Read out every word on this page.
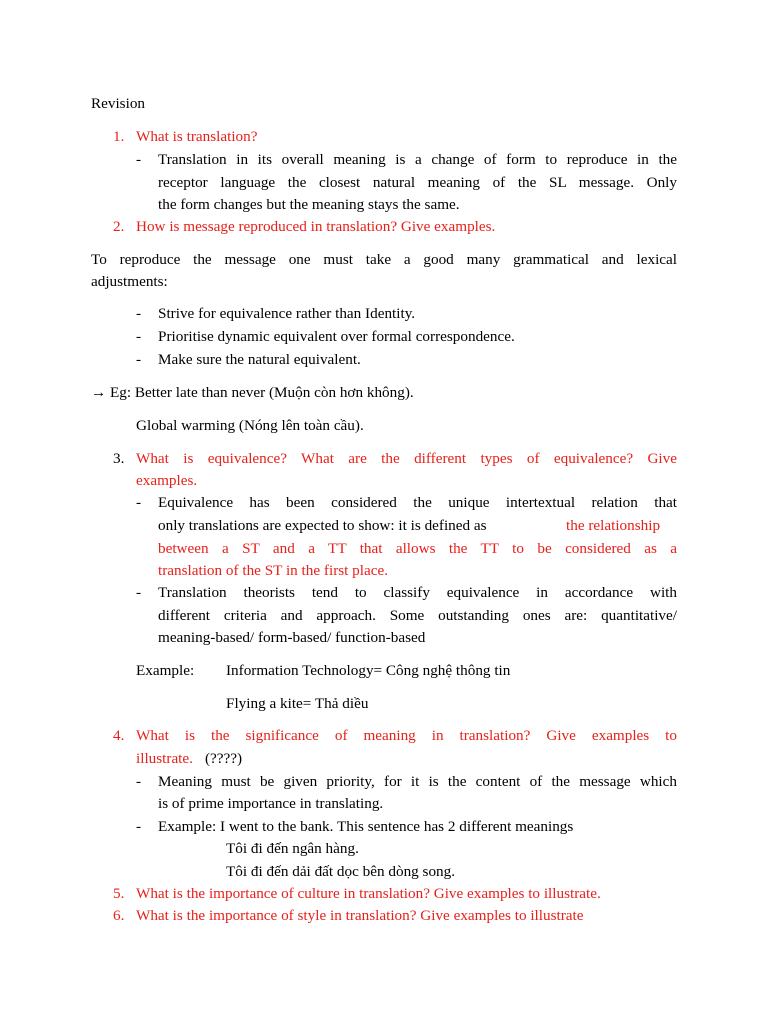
Revision
1. What is translation?
- Translation in its overall meaning is a change of form to reproduce in the
receptor language the closest natural meaning of the SL message. Only
the form changes but the meaning stays the same.
2. How is message reproduced in translation? Give examples.
To reproduce the message one must take a good many grammatical and lexical
adjustments:
- Strive for equivalence rather than Identity.
- Prioritise dynamic equivalent over formal correspondence.
- Make sure the natural equivalent.
→ Eg: Better late than never (Muộn còn hơn không).
Global warming (Nóng lên toàn cầu).
3. What is equivalence? What are the different types of equivalence? Give
examples.
- Equivalence has been considered the unique intertextual relation that
only translations are expected to show: it is defined as	the relationship
between a ST and a TT that allows the TT to be considered as a
translation of the ST in the first place.
- Translation theorists tend to classify equivalence in accordance with
different criteria and approach. Some outstanding ones are: quantitative/
meaning-based/ form-based/ function-based
Example: Information Technology= Công nghệ thông tin
Flying a kite= Thả diều
4. What is the significance of meaning in translation? Give examples to
illustrate. (????)
- Meaning must be given priority, for it is the content of the message which
is of prime importance in translating.
- Example: I went to the bank. This sentence has 2 different meanings
Tôi đi đến ngân hàng.
Tôi đi đến dải đất dọc bên dòng song.
5. What is the importance of culture in translation? Give examples to illustrate.
6. What is the importance of style in translation? Give examples to illustrate
